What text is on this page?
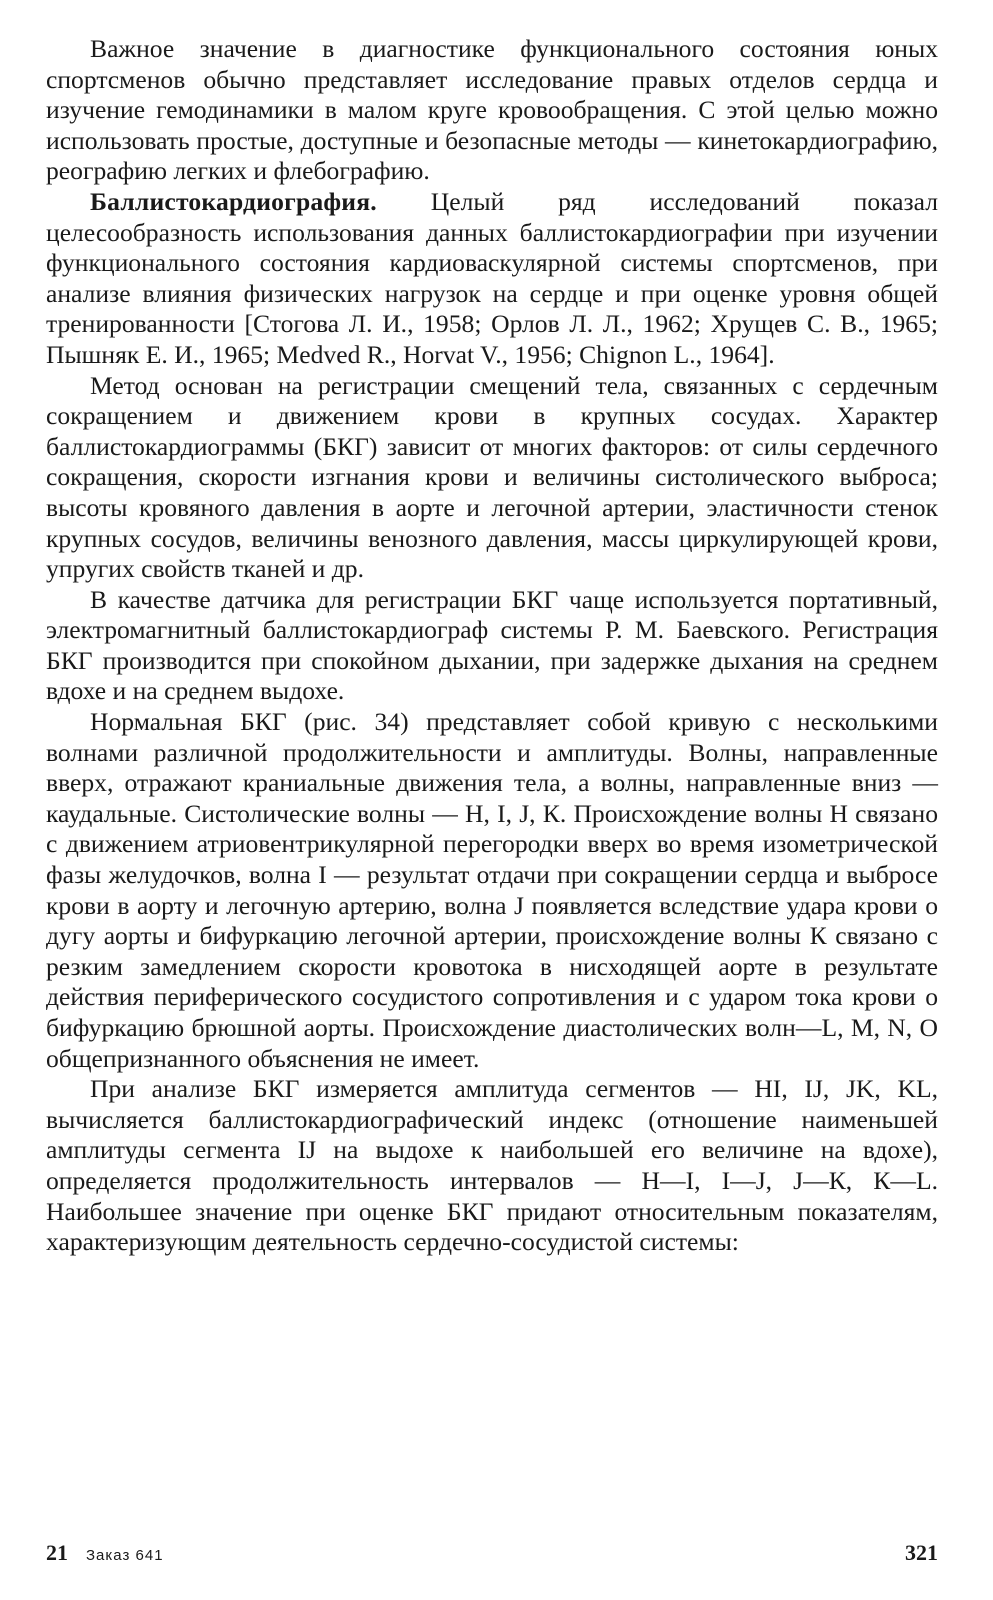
Важное значение в диагностике функционального состояния юных спортсменов обычно представляет исследование правых отделов сердца и изучение гемодинамики в малом круге кровообращения. С этой целью можно использовать простые, доступные и безопасные методы — кинетокардиографию, реографию легких и флебографию.

Баллистокардиография. Целый ряд исследований показал целесообразность использования данных баллистокардиографии при изучении функционального состояния кардиоваскулярной системы спортсменов, при анализе влияния физических нагрузок на сердце и при оценке уровня общей тренированности [Стогова Л. И., 1958; Орлов Л. Л., 1962; Хрущев С. В., 1965; Пышняк Е. И., 1965; Medved R., Horvat V., 1956; Chignon L., 1964].

Метод основан на регистрации смещений тела, связанных с сердечным сокращением и движением крови в крупных сосудах. Характер баллистокардиограммы (БКГ) зависит от многих факторов: от силы сердечного сокращения, скорости изгнания крови и величины систолического выброса; высоты кровяного давления в аорте и легочной артерии, эластичности стенок крупных сосудов, величины венозного давления, массы циркулирующей крови, упругих свойств тканей и др.

В качестве датчика для регистрации БКГ чаще используется портативный, электромагнитный баллистокардиограф системы Р. М. Баевского. Регистрация БКГ производится при спокойном дыхании, при задержке дыхания на среднем вдохе и на среднем выдохе.

Нормальная БКГ (рис. 34) представляет собой кривую с несколькими волнами различной продолжительности и амплитуды. Волны, направленные вверх, отражают краниальные движения тела, а волны, направленные вниз — каудальные. Систолические волны — Н, I, J, К. Происхождение волны Н связано с движением атриовентрикулярной перегородки вверх во время изометрической фазы желудочков, волна I — результат отдачи при сокращении сердца и выбросе крови в аорту и легочную артерию, волна J появляется вследствие удара крови о дугу аорты и бифуркацию легочной артерии, происхождение волны К связано с резким замедлением скорости кровотока в нисходящей аорте в результате действия периферического сосудистого сопротивления и с ударом тока крови о бифуркацию брюшной аорты. Происхождение диастолических волн—L, М, N, О общепризнанного объяснения не имеет.

При анализе БКГ измеряется амплитуда сегментов — HI, IJ, JK, KL, вычисляется баллистокардиографический индекс (отношение наименьшей амплитуды сегмента IJ на выдохе к наибольшей его величине на вдохе), определяется продолжительность интервалов — Н—I, I—J, J—К, К—L. Наибольшее значение при оценке БКГ придают относительным показателям, характеризующим деятельность сердечно-сосудистой системы:

21 Заказ 641	321
